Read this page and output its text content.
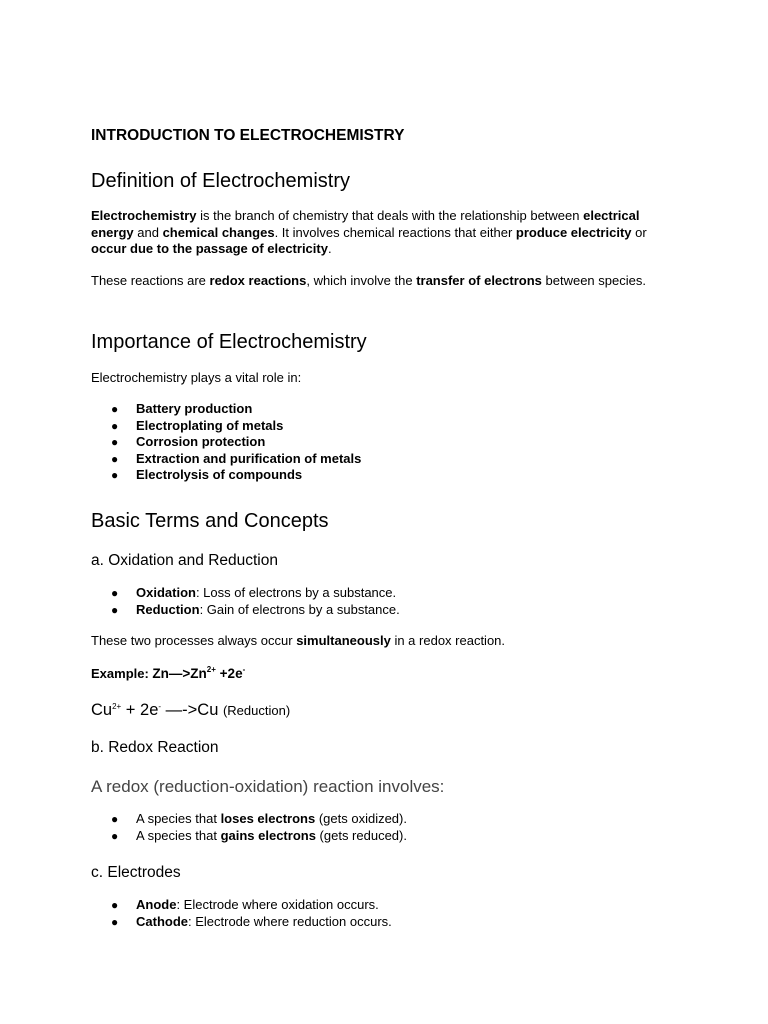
INTRODUCTION TO ELECTROCHEMISTRY
Definition of Electrochemistry

Electrochemistry is the branch of chemistry that deals with the relationship between electrical energy and chemical changes. It involves chemical reactions that either produce electricity or occur due to the passage of electricity.

These reactions are redox reactions, which involve the transfer of electrons between species.

Importance of Electrochemistry

Electrochemistry plays a vital role in:

● Battery production
● Electroplating of metals
● Corrosion protection
● Extraction and purification of metals
● Electrolysis of compounds
Basic Terms and Concepts
a. Oxidation and Reduction
● Oxidation: Loss of electrons by a substance.
● Reduction: Gain of electrons by a substance.

These two processes always occur simultaneously in a redox reaction.

Example: $Zn—>Zn^{2+} +2e^-$
$Cu^{2+} + 2e^-$ —->Cu (Reduction)
b. Redox Reaction
A redox (reduction-oxidation) reaction involves:
● A species that loses electrons (gets oxidized).
● A species that gains electrons (gets reduced).
c. Electrodes
● Anode: Electrode where oxidation occurs.
● Cathode: Electrode where reduction occurs.
